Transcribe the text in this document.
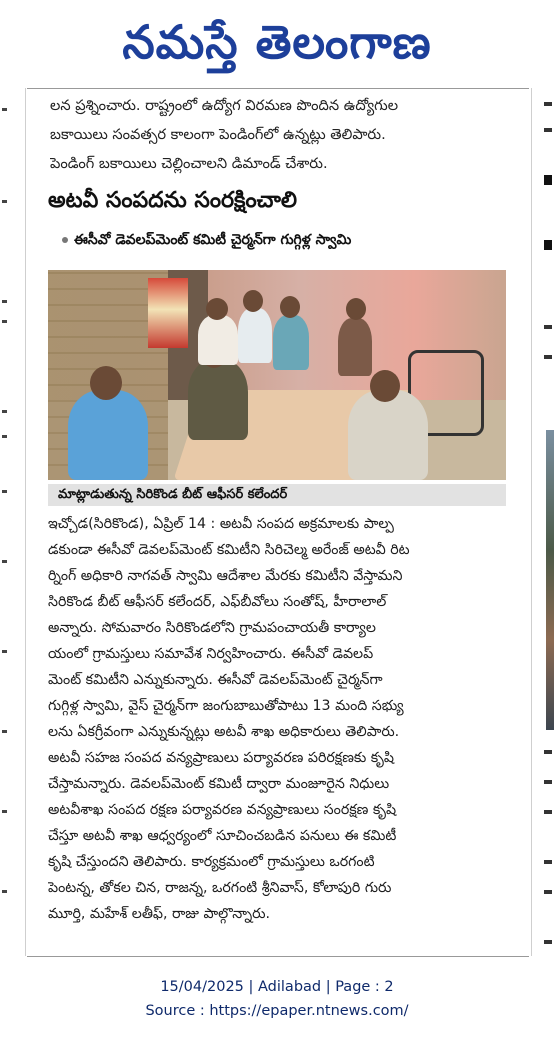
నమస్తే తెలంగాణ

లన ప్రశ్నించారు. రాష్ట్రంలో ఉద్యోగ విరమణ పొందిన ఉద్యోగుల

బకాయిలు సంవత్సర కాలంగా పెండింగ్‌లో ఉన్నట్లు తెలిపారు.

పెండింగ్ బకాయిలు చెల్లించాలని డిమాండ్ చేశారు.

అటవీ సంపదను సంరక్షించాలి
ఈసీవో డెవలప్‌మెంట్ కమిటీ చైర్మన్‌గా గుగ్గిళ్ల స్వామి
మాట్లాడుతున్న సిరికొండ బీట్ ఆఫీసర్ కలేందర్

ఇచ్చోడ(సిరికొండ), ఏప్రిల్ 14 : అటవీ సంపద అక్రమాలకు పాల్ప

డకుండా ఈసీవో డెవలప్‌మెంట్ కమిటీని సిరిచెల్మ అరేంజ్ అటవీ రిట

ర్నింగ్ అధికారి నాగవత్ స్వామి ఆదేశాల మేరకు కమిటీని వేస్తామని

సిరికొండ బీట్ ఆఫీసర్ కలేందర్, ఎఫ్‌బీవోలు సంతోష్, హీరాలాల్

అన్నారు. సోమవారం సిరికొండలోని గ్రామపంచాయతీ కార్యాల

యంలో గ్రామస్తులు సమావేశ నిర్వహించారు. ఈసీవో డెవలప్

మెంట్ కమిటీని ఎన్నుకున్నారు. ఈసీవో డెవలప్‌మెంట్ చైర్మన్‌గా

గుగ్గిళ్ల స్వామి, వైస్ చైర్మన్‌గా జంగుబాబుతోపాటు 13 మంది సభ్యు

లను ఏకగ్రీవంగా ఎన్నుకున్నట్లు అటవీ శాఖ అధికారులు తెలిపారు.

అటవీ సహజ సంపద వన్యప్రాణులు పర్యావరణ పరిరక్షణకు కృషి

చేస్తామన్నారు. డెవలప్‌మెంట్ కమిటీ ద్వారా మంజూరైన నిధులు

అటవీశాఖ సంపద రక్షణ పర్యావరణ వన్యప్రాణులు సంరక్షణ కృషి

చేస్తూ అటవీ శాఖ ఆధ్వర్యంలో సూచించబడిన పనులు ఈ కమిటీ

కృషి చేస్తుందని తెలిపారు. కార్యక్రమంలో గ్రామస్తులు ఒరగంటి

పెంటన్న, తోకల చిన, రాజన్న, ఒరగంటి శ్రీనివాస్, కోలాపురి గురు

మూర్తి, మహేశ్ లతీఫ్, రాజు పాల్గొన్నారు.

15/04/2025 | Adilabad | Page : 2
Source : https://epaper.ntnews.com/
